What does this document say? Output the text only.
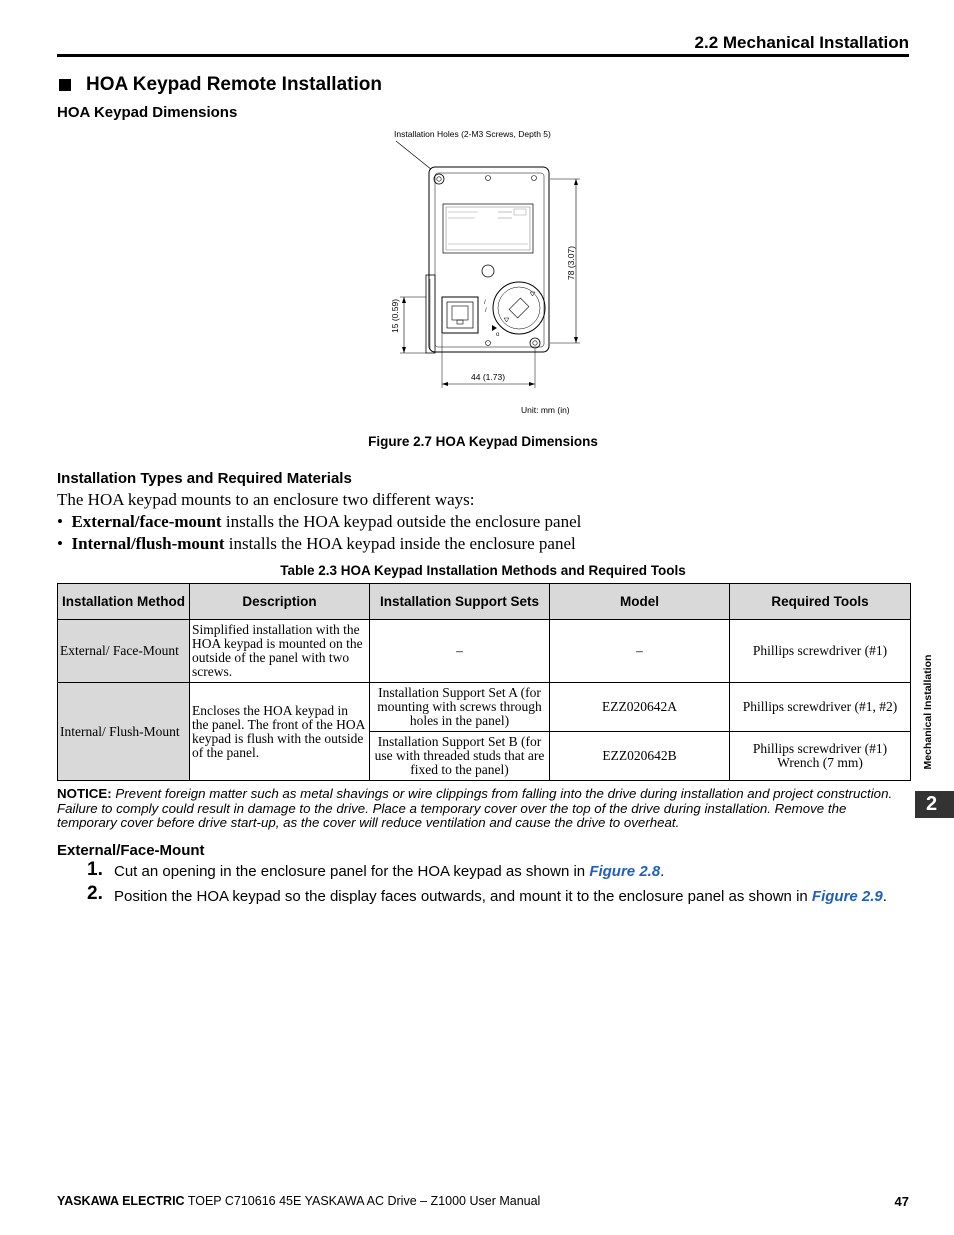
2.2 Mechanical Installation
HOA Keypad Remote Installation
HOA Keypad Dimensions
Installation Holes (2-M3 Screws, Depth 5)
/
/
o
78 (3.07)
15 (0.59)
44 (1.73)
Unit: mm (in)
Figure 2.7 HOA Keypad Dimensions
Installation Types and Required Materials
The HOA keypad mounts to an enclosure two different ways:
•  External/face-mount installs the HOA keypad outside the enclosure panel
•  Internal/flush-mount installs the HOA keypad inside the enclosure panel
Table 2.3 HOA Keypad Installation Methods and Required Tools
Installation Method	Description	Installation Support Sets	Model	Required Tools
External/ Face-Mount	Simplified installation with the HOA keypad is mounted on the outside of the panel with two screws.	–	–	Phillips screwdriver (#1)
Internal/ Flush-Mount	Encloses the HOA keypad in the panel. The front of the HOA keypad is flush with the outside of the panel.	Installation Support Set A (for mounting with screws through holes in the panel)	EZZ020642A	Phillips screwdriver (#1, #2)
		Installation Support Set B (for use with threaded studs that are fixed to the panel)	EZZ020642B	Phillips screwdriver (#1) Wrench (7 mm)
NOTICE: Prevent foreign matter such as metal shavings or wire clippings from falling into the drive during installation and project construction. Failure to comply could result in damage to the drive. Place a temporary cover over the top of the drive during installation. Remove the temporary cover before drive start-up, as the cover will reduce ventilation and cause the drive to overheat.
External/Face-Mount
1. Cut an opening in the enclosure panel for the HOA keypad as shown in Figure 2.8.
2. Position the HOA keypad so the display faces outwards, and mount it to the enclosure panel as shown in Figure 2.9.
Mechanical Installation
2
YASKAWA ELECTRIC TOEP C710616 45E YASKAWA AC Drive – Z1000 User Manual	47
